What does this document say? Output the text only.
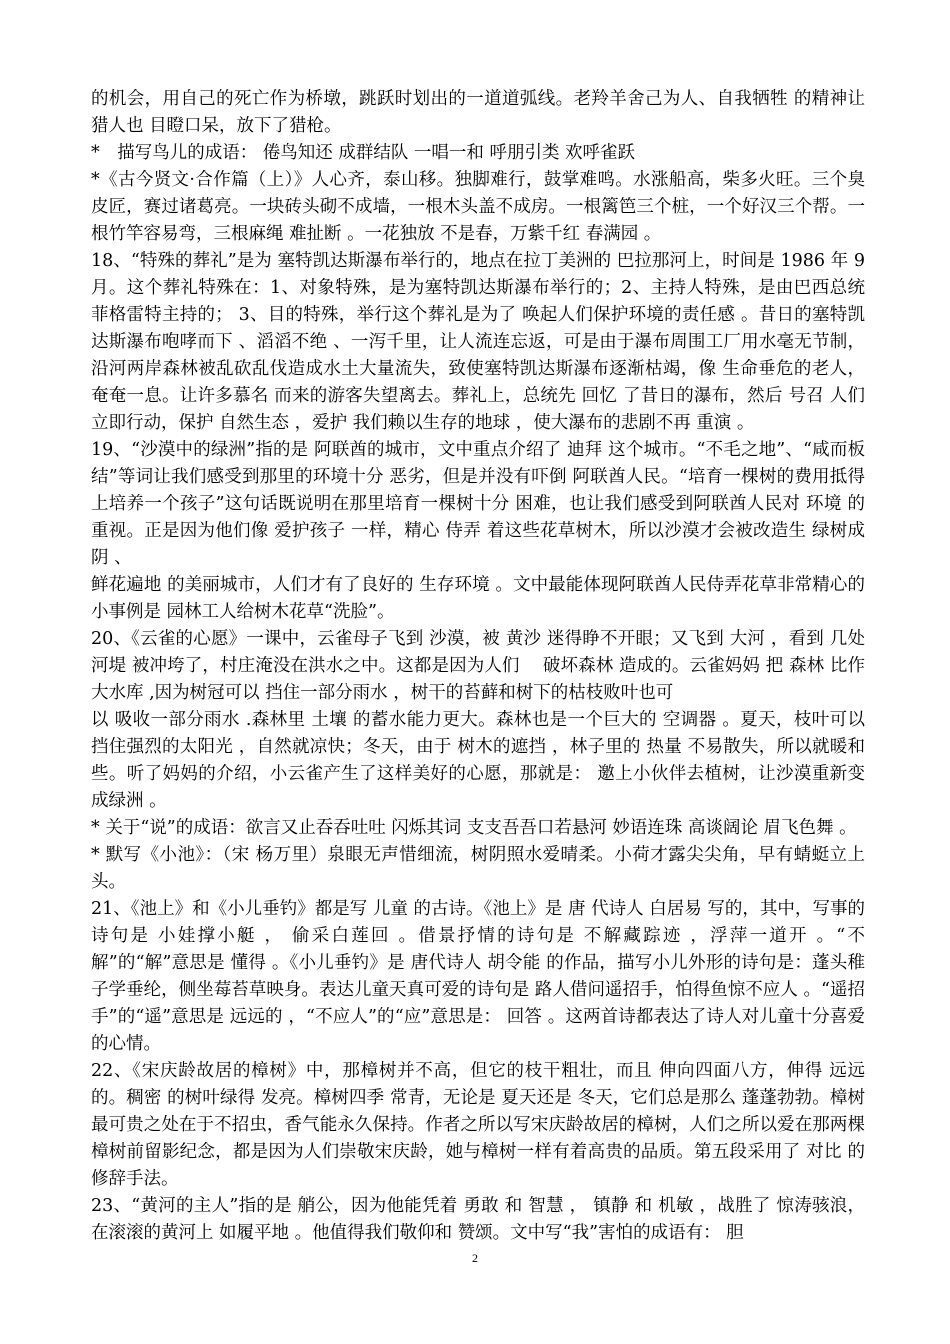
的机会，用自己的死亡作为桥墩，跳跃时划出的一道道弧线。老羚羊舍己为人、自我牺牲 的精神让猎人也 目瞪口呆，放下了猎枪。

*　描写鸟儿的成语： 倦鸟知还 成群结队 一唱一和 呼朋引类 欢呼雀跃

*《古今贤文·合作篇（上）》人心齐，泰山移。独脚难行，鼓掌难鸣。水涨船高，柴多火旺。三个臭皮匠，赛过诸葛亮。一块砖头砌不成墙，一根木头盖不成房。一根篱笆三个桩，一个好汉三个帮。一根竹竿容易弯，三根麻绳 难扯断 。一花独放 不是春，万紫千红 春满园 。

18、“特殊的葬礼”是为 塞特凯达斯瀑布举行的，地点在拉丁美洲的 巴拉那河上，时间是 1986 年 9 月。这个葬礼特殊在：1、对象特殊，是为塞特凯达斯瀑布举行的；2、主持人特殊，是由巴西总统菲格雷特主持的； 3、目的特殊，举行这个葬礼是为了 唤起人们保护环境的责任感 。昔日的塞特凯达斯瀑布咆哮而下 、滔滔不绝 、一泻千里，让人流连忘返，可是由于瀑布周围工厂用水毫无节制，沿河两岸森林被乱砍乱伐造成水土大量流失，致使塞特凯达斯瀑布逐渐枯竭，像 生命垂危的老人，奄奄一息。让许多慕名 而来的游客失望离去。葬礼上，总统先 回忆 了昔日的瀑布，然后 号召 人们立即行动，保护 自然生态 ，爱护 我们赖以生存的地球 ，使大瀑布的悲剧不再 重演 。

19、“沙漠中的绿洲”指的是 阿联酋的城市，文中重点介绍了 迪拜 这个城市。“不毛之地”、“咸而板结”等词让我们感受到那里的环境十分 恶劣，但是并没有吓倒 阿联酋人民。“培育一棵树的费用抵得上培养一个孩子”这句话既说明在那里培育一棵树十分 困难，也让我们感受到阿联酋人民对 环境 的重视。正是因为他们像 爱护孩子 一样，精心 侍弄 着这些花草树木，所以沙漠才会被改造生 绿树成阴 、

鲜花遍地 的美丽城市，人们才有了良好的 生存环境 。文中最能体现阿联酋人民侍弄花草非常精心的小事例是 园林工人给树木花草“洗脸”。

20、《云雀的心愿》一课中，云雀母子飞到 沙漠，被 黄沙 迷得睁不开眼；又飞到 大河 ，看到 几处河堤 被冲垮了，村庄淹没在洪水之中。这都是因为人们　 破坏森林 造成的。云雀妈妈 把 森林 比作大水库 ,因为树冠可以 挡住一部分雨水 ，树干的苔藓和树下的枯枝败叶也可

以 吸收一部分雨水 .森林里 土壤 的蓄水能力更大。森林也是一个巨大的 空调器 。夏天，枝叶可以 挡住强烈的太阳光 ，自然就凉快；冬天，由于 树木的遮挡 ，林子里的 热量 不易散失，所以就暖和些。听了妈妈的介绍，小云雀产生了这样美好的心愿，那就是： 邀上小伙伴去植树，让沙漠重新变成绿洲 。

* 关于“说”的成语：欲言又止吞吞吐吐 闪烁其词 支支吾吾口若悬河 妙语连珠 高谈阔论 眉飞色舞 。

* 默写《小池》：（宋 杨万里）泉眼无声惜细流，树阴照水爱晴柔。小荷才露尖尖角，早有蜻蜓立上头。

21、《池上》和《小儿垂钓》都是写 儿童 的古诗。《池上》是 唐 代诗人 白居易 写的，其中，写事的诗句是 小娃撑小艇 ， 偷采白莲回 。借景抒情的诗句是 不解藏踪迹 ，浮萍一道开 。“不解”的“解”意思是 懂得 。《小儿垂钓》是 唐代诗人 胡令能 的作品，描写小儿外形的诗句是：蓬头稚子学垂纶，侧坐莓苔草映身。表达儿童天真可爱的诗句是 路人借问遥招手，怕得鱼惊不应人 。“遥招手”的“遥”意思是 远远的 ，“不应人”的“应”意思是： 回答 。这两首诗都表达了诗人对儿童十分喜爱的心情。

22、《宋庆龄故居的樟树》中，那樟树并不高，但它的枝干粗壮，而且 伸向四面八方，伸得 远远的。稠密 的树叶绿得 发亮。樟树四季 常青，无论是 夏天还是 冬天，它们总是那么 蓬蓬勃勃。樟树最可贵之处在于不招虫，香气能永久保持。作者之所以写宋庆龄故居的樟树，人们之所以爱在那两棵樟树前留影纪念，都是因为人们崇敬宋庆龄，她与樟树一样有着高贵的品质。第五段采用了 对比 的修辞手法。

23、“黄河的主人”指的是 艄公，因为他能凭着 勇敢 和 智慧 ， 镇静 和 机敏 ，战胜了 惊涛骇浪，在滚滚的黄河上 如履平地 。他值得我们敬仰和 赞颂。文中写“我”害怕的成语有： 胆

2
